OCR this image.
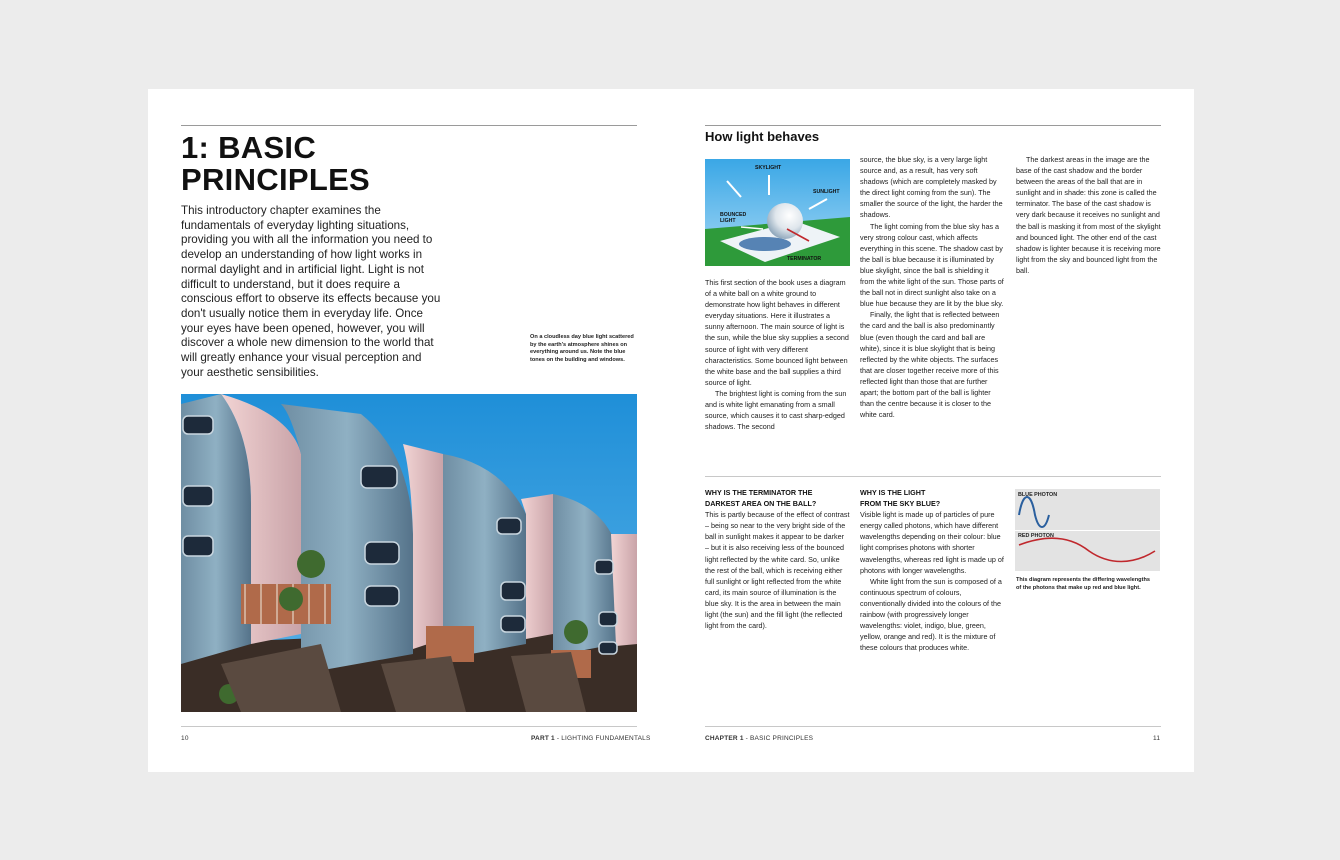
1: BASIC
PRINCIPLES
This introductory chapter examines the fundamentals of everyday lighting situations, providing you with all the information you need to develop an understanding of how light works in normal daylight and in artificial light. Light is not difficult to understand, but it does require a conscious effort to observe its effects because you don't usually notice them in everyday life. Once your eyes have been opened, however, you will discover a whole new dimension to the world that will greatly enhance your visual perception and your aesthetic sensibilities.
On a cloudless day blue light scattered by the earth's atmosphere shines on everything around us. Note the blue tones on the building and windows.
10	PART 1 - LIGHTING FUNDAMENTALS
How light behaves
SKYLIGHT
SUNLIGHT
BOUNCED
LIGHT
TERMINATOR

This first section of the book uses a diagram of a white ball on a white ground to demonstrate how light behaves in different everyday situations. Here it illustrates a sunny afternoon. The main source of light is the sun, while the blue sky supplies a second source of light with very different characteristics. Some bounced light between the white base and the ball supplies a third source of light.

The brightest light is coming from the sun and is white light emanating from a small source, which causes it to cast sharp-edged shadows. The second

source, the blue sky, is a very large light source and, as a result, has very soft shadows (which are completely masked by the direct light coming from the sun). The smaller the source of the light, the harder the shadows.

The light coming from the blue sky has a very strong colour cast, which affects everything in this scene. The shadow cast by the ball is blue because it is illuminated by blue skylight, since the ball is shielding it from the white light of the sun. Those parts of the ball not in direct sunlight also take on a blue hue because they are lit by the blue sky.

Finally, the light that is reflected between the card and the ball is also predominantly blue (even though the card and ball are white), since it is blue skylight that is being reflected by the white objects. The surfaces that are closer together receive more of this reflected light than those that are further apart; the bottom part of the ball is lighter than the centre because it is closer to the white card.

The darkest areas in the image are the base of the cast shadow and the border between the areas of the ball that are in sunlight and in shade: this zone is called the terminator. The base of the cast shadow is very dark because it receives no sunlight and the ball is masking it from most of the skylight and bounced light. The other end of the cast shadow is lighter because it is receiving more light from the sky and bounced light from the ball.

WHY IS THE TERMINATOR THE
DARKEST AREA ON THE BALL?

This is partly because of the effect of contrast – being so near to the very bright side of the ball in sunlight makes it appear to be darker – but it is also receiving less of the bounced light reflected by the white card. So, unlike the rest of the ball, which is receiving either full sunlight or light reflected from the white card, its main source of illumination is the blue sky. It is the area in between the main light (the sun) and the fill light (the reflected light from the card).

WHY IS THE LIGHT
FROM THE SKY BLUE?

Visible light is made up of particles of pure energy called photons, which have different wavelengths depending on their colour: blue light comprises photons with shorter wavelengths, whereas red light is made up of photons with longer wavelengths.

White light from the sun is composed of a continuous spectrum of colours, conventionally divided into the colours of the rainbow (with progressively longer wavelengths: violet, indigo, blue, green, yellow, orange and red). It is the mixture of these colours that produces white.

BLUE PHOTON
RED PHOTON
This diagram represents the differing wavelengths of the photons that make up red and blue light.
CHAPTER 1 - BASIC PRINCIPLES	11
